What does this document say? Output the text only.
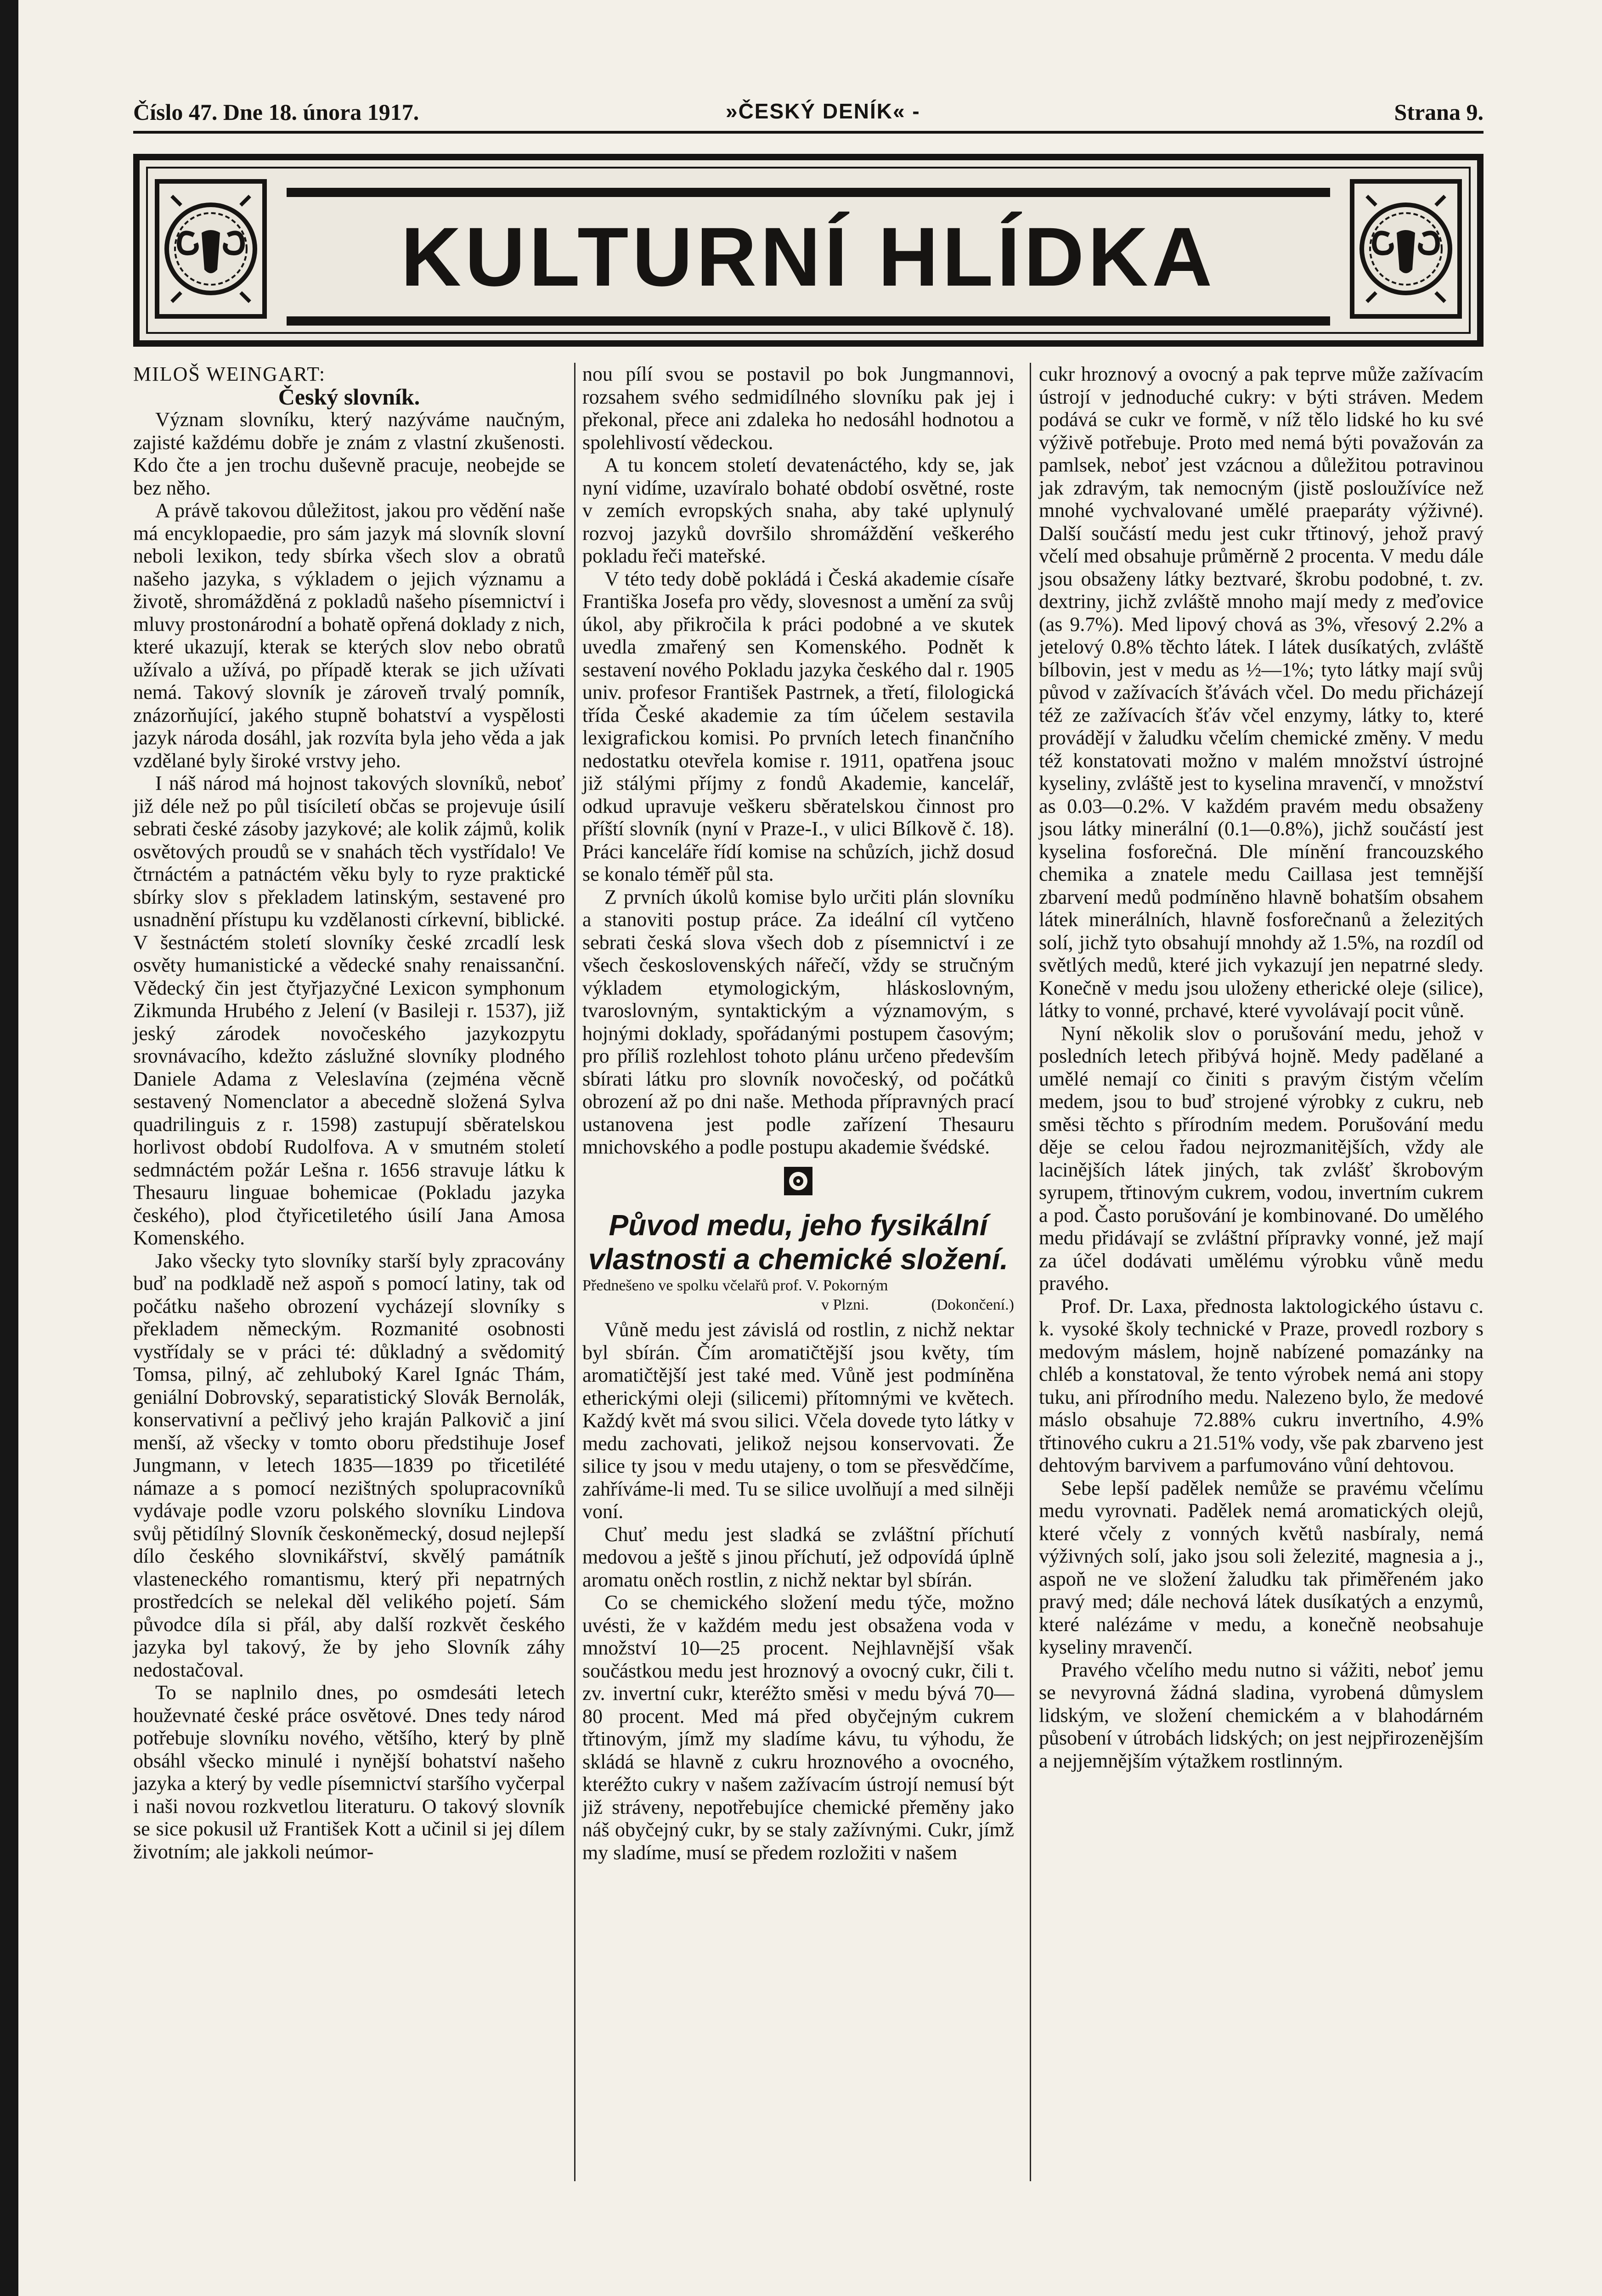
Číslo 47. Dne 18. února 1917.	»ČESKÝ DENÍK« -	Strana 9.
KULTURNÍ HLÍDKA

MILOŠ WEINGART:

Český slovník.

Význam slovníku, který nazýváme naučným, zajisté každému dobře je znám z vlastní zkušenosti. Kdo čte a jen trochu duševně pracuje, neobejde se bez něho.

A právě takovou důležitost, jakou pro vědění naše má encyklopaedie, pro sám jazyk má slovník slovní neboli lexikon, tedy sbírka všech slov a obratů našeho jazyka, s výkladem o jejich významu a životě, shromážděná z pokladů našeho písemnictví i mluvy prostonárodní a bohatě opřená doklady z nich, které ukazují, kterak se kterých slov nebo obratů užívalo a užívá, po případě kterak se jich užívati nemá. Takový slovník je zároveň trvalý pomník, znázorňující, jakého stupně bohatství a vyspělosti jazyk národa dosáhl, jak rozvíta byla jeho věda a jak vzdělané byly široké vrstvy jeho.

I náš národ má hojnost takových slovníků, neboť již déle než po půl tisíciletí občas se projevuje úsilí sebrati české zásoby jazykové; ale kolik zájmů, kolik osvětových proudů se v snahách těch vystřídalo! Ve čtrnáctém a patnáctém věku byly to ryze praktické sbírky slov s překladem latinským, sestavené pro usnadnění přístupu ku vzdělanosti církevní, biblické. V šestnáctém století slovníky české zrcadlí lesk osvěty humanistické a vědecké snahy renaissanční. Vědecký čin jest čtyřjazyčné Lexicon symphonum Zikmunda Hrubého z Jelení (v Basileji r. 1537), již jeský zárodek novočeského jazykozpytu srovnávacího, kdežto záslužné slovníky plodného Daniele Adama z Veleslavína (zejména věcně sestavený Nomenclator a abecedně složená Sylva quadrilinguis z r. 1598) zastupují sběratelskou horlivost období Rudolfova. A v smutném století sedmnáctém požár Lešna r. 1656 stravuje látku k Thesauru linguae bohemicae (Pokladu jazyka českého), plod čtyřicetiletého úsilí Jana Amosa Komenského.

Jako všecky tyto slovníky starší byly zpracovány buď na podkladě než aspoň s pomocí latiny, tak od počátku našeho obrození vycházejí slovníky s překladem německým. Rozmanité osobnosti vystřídaly se v práci té: důkladný a svědomitý Tomsa, pilný, ač zehluboký Karel Ignác Thám, geniální Dobrovský, separatistický Slovák Bernolák, konservativní a pečlivý jeho kraján Palkovič a jiní menší, až všecky v tomto oboru předstihuje Josef Jungmann, v letech 1835—1839 po třicetilété námaze a s pomocí nezištných spolupracovníků vydávaje podle vzoru polského slovníku Lindova svůj pětidílný Slovník českoněmecký, dosud nejlepší dílo českého slovnikářství, skvělý památník vlasteneckého romantismu, který při nepatrných prostředcích se nelekal děl velikého pojetí. Sám původce díla si přál, aby další rozkvět českého jazyka byl takový, že by jeho Slovník záhy nedostačoval.

To se naplnilo dnes, po osmdesáti letech houževnaté české práce osvětové. Dnes tedy národ potřebuje slovníku nového, většího, který by plně obsáhl všecko minulé i nynější bohatství našeho jazyka a který by vedle písemnictví staršího vyčerpal i naši novou rozkvetlou literaturu. O takový slovník se sice pokusil už František Kott a učinil si jej dílem životním; ale jakkoli neúmor-

nou pílí svou se postavil po bok Jungmannovi, rozsahem svého sedmidílného slovníku pak jej i překonal, přece ani zdaleka ho nedosáhl hodnotou a spolehlivostí vědeckou.

A tu koncem století devatenáctého, kdy se, jak nyní vidíme, uzavíralo bohaté období osvětné, roste v zemích evropských snaha, aby také uplynulý rozvoj jazyků dovršilo shromáždění veškerého pokladu řeči mateřské.

V této tedy době pokládá i Česká akademie císaře Františka Josefa pro vědy, slovesnost a umění za svůj úkol, aby přikročila k práci podobné a ve skutek uvedla zmařený sen Komenského. Podnět k sestavení nového Pokladu jazyka českého dal r. 1905 univ. profesor František Pastrnek, a třetí, filologická třída České akademie za tím účelem sestavila lexigrafickou komisi. Po prvních letech finančního nedostatku otevřela komise r. 1911, opatřena jsouc již stálými příjmy z fondů Akademie, kancelář, odkud upravuje veškeru sběratelskou činnost pro příští slovník (nyní v Praze-I., v ulici Bílkově č. 18). Práci kanceláře řídí komise na schůzích, jichž dosud se konalo téměř půl sta.

Z prvních úkolů komise bylo určiti plán slovníku a stanoviti postup práce. Za ideální cíl vytčeno sebrati česká slova všech dob z písemnictví i ze všech československých nářečí, vždy se stručným výkladem etymologickým, hláskoslovným, tvaroslovným, syntaktickým a významovým, s hojnými doklady, spořádanými postupem časovým; pro příliš rozlehlost tohoto plánu určeno především sbírati látku pro slovník novočeský, od počátků obrození až po dni naše. Methoda přípravných prací ustanovena jest podle zařízení Thesauru mnichovského a podle postupu akademie švédské.

Původ medu, jeho fysikální vlastnosti a chemické složení.

Přednešeno ve spolku včelařů prof. V. Pokorným

(Dokončení.)
v Plzni.

Vůně medu jest závislá od rostlin, z nichž nektar byl sbírán. Čím aromatičtější jsou květy, tím aromatičtější jest také med. Vůně jest podmíněna etherickými oleji (silicemi) přítomnými ve květech. Každý květ má svou silici. Včela dovede tyto látky v medu zachovati, jelikož nejsou konservovati. Že silice ty jsou v medu utajeny, o tom se přesvědčíme, zahříváme-li med. Tu se silice uvolňují a med silněji voní.

Chuť medu jest sladká se zvláštní příchutí medovou a ještě s jinou příchutí, jež odpovídá úplně aromatu oněch rostlin, z nichž nektar byl sbírán.

Co se chemického složení medu týče, možno uvésti, že v každém medu jest obsažena voda v množství 10—25 procent. Nejhlavnější však součástkou medu jest hroznový a ovocný cukr, čili t. zv. invertní cukr, kteréžto směsi v medu bývá 70—80 procent. Med má před obyčejným cukrem třtinovým, jímž my sladíme kávu, tu výhodu, že skládá se hlavně z cukru hroznového a ovocného, kteréžto cukry v našem zažívacím ústrojí nemusí být již stráveny, nepotřebujíce chemické přeměny jako náš obyčejný cukr, by se staly zažívnými. Cukr, jímž my sladíme, musí se předem rozložiti v našem

cukr hroznový a ovocný a pak teprve může zažívacím ústrojí v jednoduché cukry: v býti stráven. Medem podává se cukr ve formě, v níž tělo lidské ho ku své výživě potřebuje. Proto med nemá býti považován za pamlsek, neboť jest vzácnou a důležitou potravinou jak zdravým, tak nemocným (jistě posloužívíce než mnohé vychvalované umělé praeparáty výživné). Další součástí medu jest cukr třtinový, jehož pravý včelí med obsahuje průměrně 2 procenta. V medu dále jsou obsaženy látky beztvaré, škrobu podobné, t. zv. dextriny, jichž zvláště mnoho mají medy z meďovice (as 9.7%). Med lipový chová as 3%, vřesový 2.2% a jetelový 0.8% těchto látek. I látek dusíkatých, zvláště bílbovin, jest v medu as ½—1%; tyto látky mají svůj původ v zažívacích šťávách včel. Do medu přicházejí též ze zažívacích šťáv včel enzymy, látky to, které provádějí v žaludku včelím chemické změny. V medu též konstatovati možno v malém množství ústrojné kyseliny, zvláště jest to kyselina mravenčí, v množství as 0.03—0.2%. V každém pravém medu obsaženy jsou látky minerální (0.1—0.8%), jichž součástí jest kyselina fosforečná. Dle mínění francouzského chemika a znatele medu Caillasa jest temnější zbarvení medů podmíněno hlavně bohatším obsahem látek minerálních, hlavně fosforečnanů a železitých solí, jichž tyto obsahují mnohdy až 1.5%, na rozdíl od světlých medů, které jich vykazují jen nepatrné sledy. Konečně v medu jsou uloženy etherické oleje (silice), látky to vonné, prchavé, které vyvolávají pocit vůně.

Nyní několik slov o porušování medu, jehož v posledních letech přibývá hojně. Medy padělané a umělé nemají co činiti s pravým čistým včelím medem, jsou to buď strojené výrobky z cukru, neb směsi těchto s přírodním medem. Porušování medu děje se celou řadou nejrozmanitějších, vždy ale lacinějších látek jiných, tak zvlášť škrobovým syrupem, třtinovým cukrem, vodou, invertním cukrem a pod. Často porušování je kombinované. Do umělého medu přidávají se zvláštní přípravky vonné, jež mají za účel dodávati umělému výrobku vůně medu pravého.

Prof. Dr. Laxa, přednosta laktologického ústavu c. k. vysoké školy technické v Praze, provedl rozbory s medovým máslem, hojně nabízené pomazánky na chléb a konstatoval, že tento výrobek nemá ani stopy tuku, ani přírodního medu. Nalezeno bylo, že medové máslo obsahuje 72.88% cukru invertního, 4.9% třtinového cukru a 21.51% vody, vše pak zbarveno jest dehtovým barvivem a parfumováno vůní dehtovou.

Sebe lepší padělek nemůže se pravému včelímu medu vyrovnati. Padělek nemá aromatických olejů, které včely z vonných květů nasbíraly, nemá výživných solí, jako jsou soli železité, magnesia a j., aspoň ne ve složení žaludku tak přiměřeném jako pravý med; dále nechová látek dusíkatých a enzymů, které nalézáme v medu, a konečně neobsahuje kyseliny mravenčí.

Pravého včelího medu nutno si vážiti, neboť jemu se nevyrovná žádná sladina, vyrobená důmyslem lidským, ve složení chemickém a v blahodárném působení v útrobách lidských; on jest nejpřirozenějším a nejjemnějším výtažkem rostlinným.
